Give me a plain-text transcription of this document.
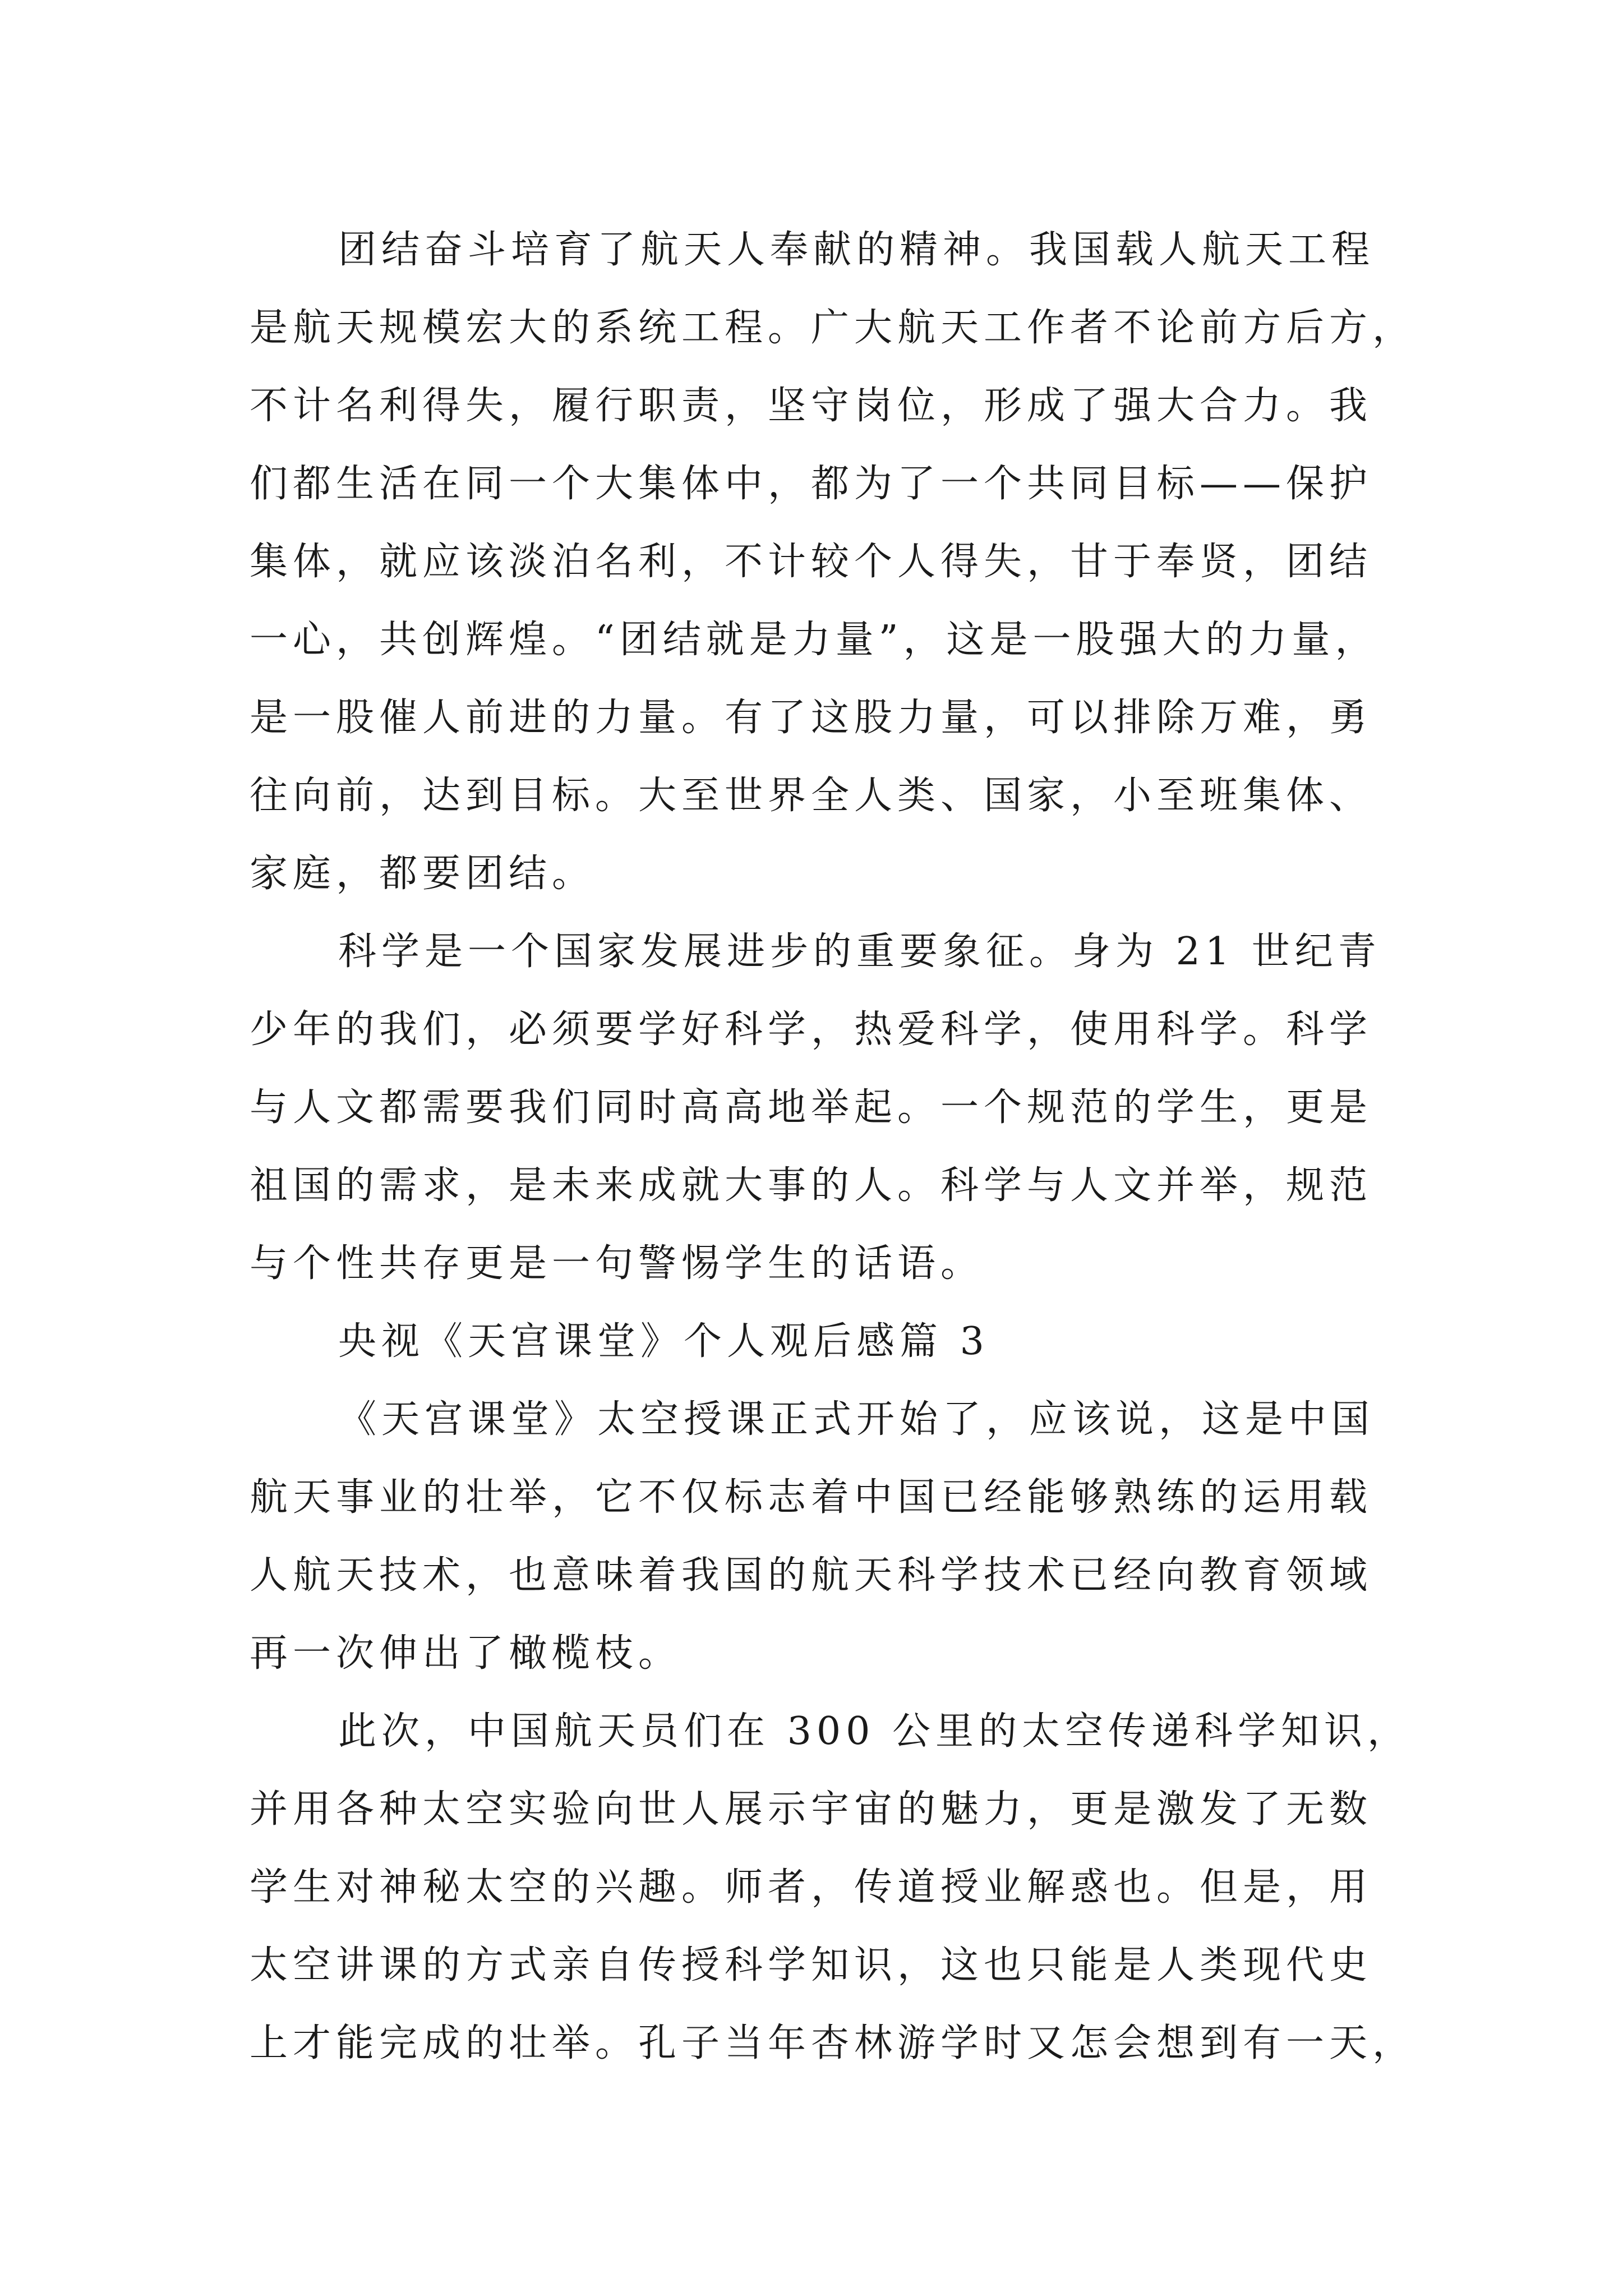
团结奋斗培育了航天人奉献的精神。我国载人航天工程
是航天规模宏大的系统工程。广大航天工作者不论前方后方，
不计名利得失，履行职责，坚守岗位，形成了强大合力。我
们都生活在同一个大集体中，都为了一个共同目标——保护
集体，就应该淡泊名利，不计较个人得失，甘于奉贤，团结
一心，共创辉煌。“团结就是力量”，这是一股强大的力量，
是一股催人前进的力量。有了这股力量，可以排除万难，勇
往向前，达到目标。大至世界全人类、国家，小至班集体、
家庭，都要团结。
科学是一个国家发展进步的重要象征。身为 21 世纪青
少年的我们，必须要学好科学，热爱科学，使用科学。科学
与人文都需要我们同时高高地举起。一个规范的学生，更是
祖国的需求，是未来成就大事的人。科学与人文并举，规范
与个性共存更是一句警惕学生的话语。
央视《天宫课堂》个人观后感篇 3
《天宫课堂》太空授课正式开始了，应该说，这是中国
航天事业的壮举，它不仅标志着中国已经能够熟练的运用载
人航天技术，也意味着我国的航天科学技术已经向教育领域
再一次伸出了橄榄枝。
此次，中国航天员们在 300 公里的太空传递科学知识，
并用各种太空实验向世人展示宇宙的魅力，更是激发了无数
学生对神秘太空的兴趣。师者，传道授业解惑也。但是，用
太空讲课的方式亲自传授科学知识，这也只能是人类现代史
上才能完成的壮举。孔子当年杏林游学时又怎会想到有一天，
